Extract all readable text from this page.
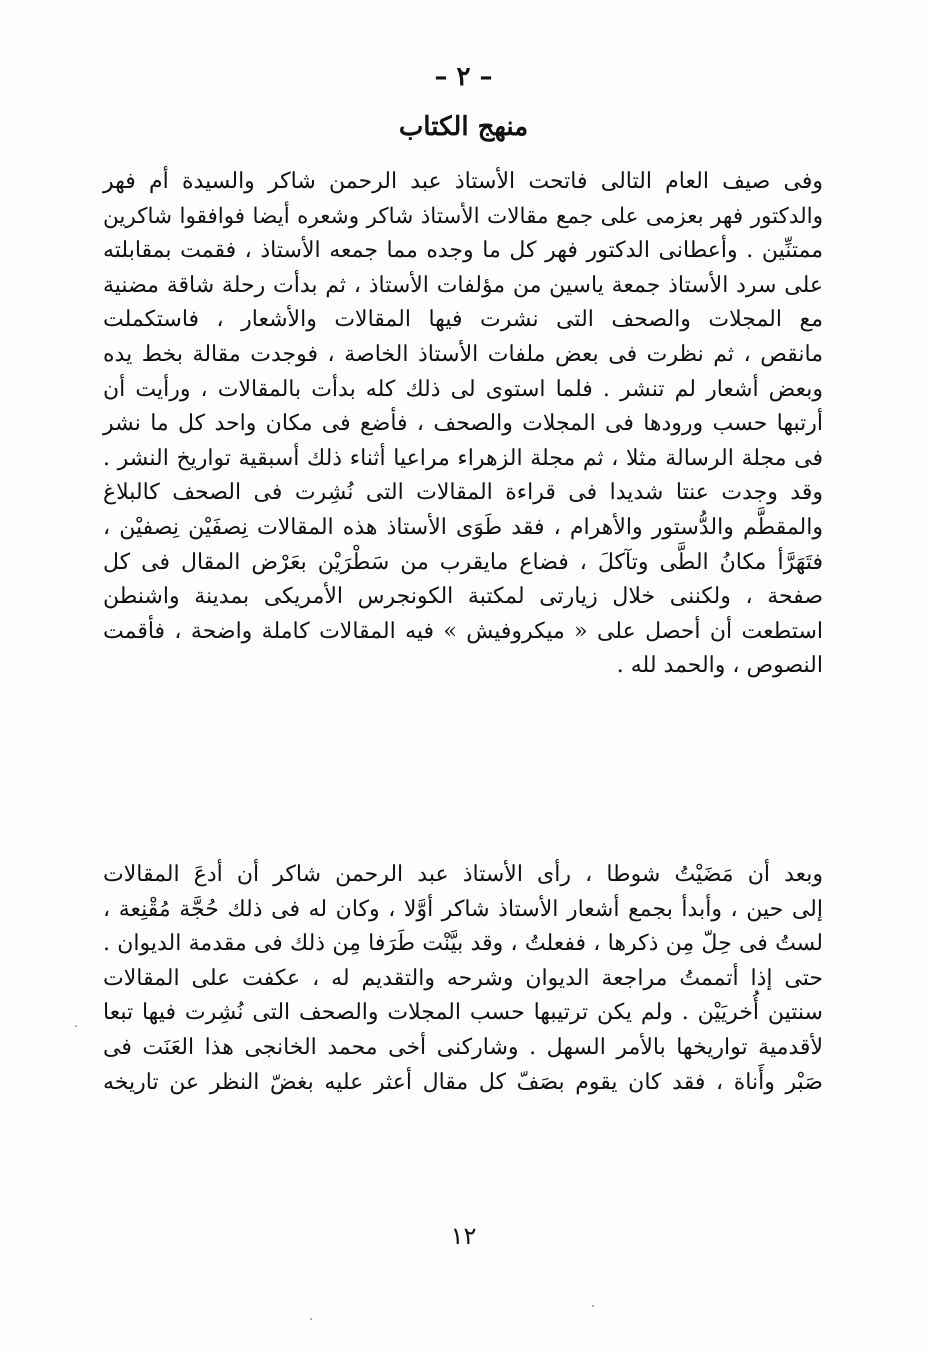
– ٢ –
منهج الكتاب
وفى صيف العام التالى فاتحت الأستاذ عبد الرحمن شاكر والسيدة أم فهر
والدكتور فهر بعزمى على جمع مقالات الأستاذ شاكر وشعره أيضا فوافقوا شاكرين
ممتنِّين . وأعطانى الدكتور فهر كل ما وجده مما جمعه الأستاذ ، فقمت بمقابلته
على سرد الأستاذ جمعة ياسين من مؤلفات الأستاذ ، ثم بدأت رحلة شاقة مضنية
مع المجلات والصحف التى نشرت فيها المقالات والأشعار ، فاستكملت
مانقص ، ثم نظرت فى بعض ملفات الأستاذ الخاصة ، فوجدت مقالة بخط يده
وبعض أشعار لم تنشر . فلما استوى لى ذلك كله بدأت بالمقالات ، ورأيت أن
أرتبها حسب ورودها فى المجلات والصحف ، فأضع فى مكان واحد كل ما نشر
فى مجلة الرسالة مثلا ، ثم مجلة الزهراء مراعيا أثناء ذلك أسبقية تواريخ النشر .
وقد وجدت عنتا شديدا فى قراءة المقالات التى نُشِرت فى الصحف كالبلاغ
والمقطَّم والدُّستور والأهرام ، فقد طَوَى الأستاذ هذه المقالات نِصفَيْن نِصفيْن ،
فتَهَرَّأ مكانُ الطَّى وتآكلَ ، فضاع مايقرب من سَطْرَيْن بعَرْض المقال فى كل
صفحة ، ولكننى خلال زيارتى لمكتبة الكونجرس الأمريكى بمدينة واشنطن
استطعت أن أحصل على « ميكروفيش » فيه المقالات كاملة واضحة ، فأقمت
النصوص ، والحمد لله .
وبعد أن مَضَيْتُ شوطا ، رأى الأستاذ عبد الرحمن شاكر أن أدعَ المقالات
إلى حين ، وأبدأ بجمع أشعار الأستاذ شاكر أوَّلا ، وكان له فى ذلك حُجَّة مُقْنِعة ،
لستُ فى حِلّ مِن ذكرها ، ففعلتُ ، وقد بيَّنْت طَرَفا مِن ذلك فى مقدمة الديوان .
حتى إذا أتممتُ مراجعة الديوان وشرحه والتقديم له ، عكفت على المقالات
سنتين أُخريَيْن . ولم يكن ترتيبها حسب المجلات والصحف التى نُشِرت فيها تبعا
لأقدمية تواريخها بالأمر السهل . وشاركنى أخى محمد الخانجى هذا العَنَت فى
صَبْر وأَناة ، فقد كان يقوم بصَفّ كل مقال أعثر عليه بغضّ النظر عن تاريخه
١٢
